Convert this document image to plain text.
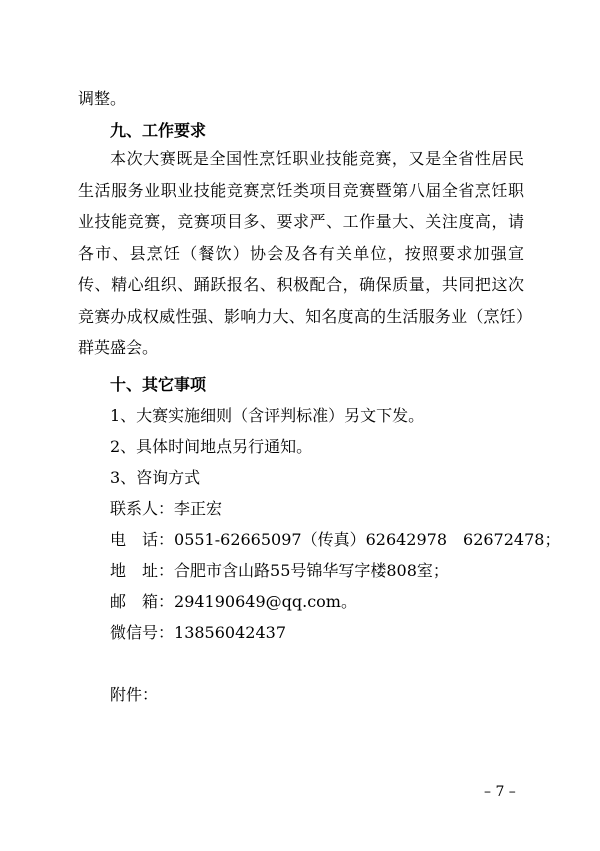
调整。
九、工作要求
本次大赛既是全国性烹饪职业技能竞赛，又是全省性居民生活服务业职业技能竞赛烹饪类项目竞赛暨第八届全省烹饪职业技能竞赛，竞赛项目多、要求严、工作量大、关注度高，请各市、县烹饪（餐饮）协会及各有关单位，按照要求加强宣传、精心组织、踊跃报名、积极配合，确保质量，共同把这次竞赛办成权威性强、影响力大、知名度高的生活服务业（烹饪）群英盛会。
十、其它事项
1、大赛实施细则（含评判标准）另文下发。
2、具体时间地点另行通知。
3、咨询方式
联系人：李正宏
电　话：0551-62665097（传真）62642978　62672478；
地　址：合肥市含山路55号锦华写字楼808室；
邮　箱：294190649@qq.com。
微信号：13856042437
附件：
– 7 –
